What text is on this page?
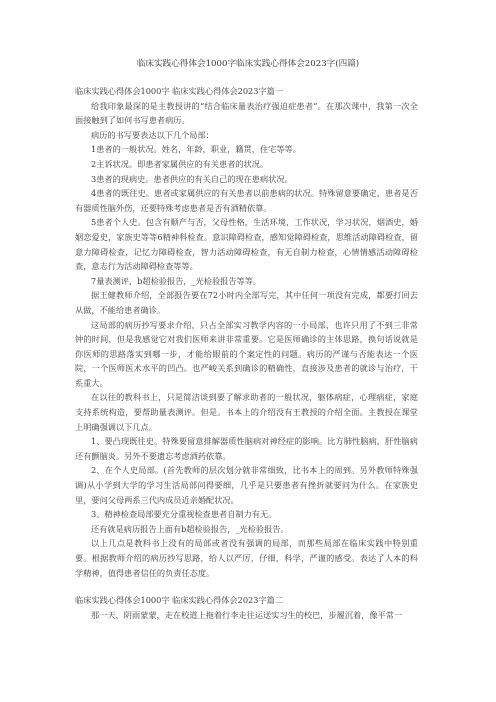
临床实践心得体会1000字临床实践心得体会2023字(四篇)

临床实践心得体会1000字 临床实践心得体会2023字篇一

给我印象最深的是主教授讲的“结合临床量表治疗强迫症患者”。在那次课中，我第一次全面接触到了如何书写患者病历。

病历的书写要表达以下几个局部：

1患者的一般状况。姓名，年龄，职业，籍贯，住宅等等。

2主诉状况。即患者家属供应的有关患者的状况。

3患者的现病史。患者供应的有关自己的现在患病状况。

4患者的既往史。患者或家属供应的有关患者以前患病的状况。特殊留意要确定，患者是否有器质性脑外伤，还要特殊考虑患者是否有酒精依靠。

5患者个人史。包含有顺产与否，父母性格，生活环境，工作状况，学习状况，烟酒史，婚姻恋爱史，家族史等等6精神科检查。意识障碍检查，感知觉障碍检查，思维活动障碍检查，留意力障碍检查，记忆力障碍检查，智力活动障碍检查，有无自制力检查，心情情感活动障碍检查，意志行为活动障碍检查等等。

7量表测评，b超检验报告，_光检验报告等等。

据王健教师介绍，全部报告要在72小时内全部写完，其中任何一项没有完成，都要打回去从做，不能给患者确诊。

这局部的病历抄写要求介绍，只占全部实习教学内容的一小局部，也许只用了不到三非常钟的时间，但是我感觉它对我们医师来讲非常重要。它是医师确诊的主体思路，换句话说就是你医师的思路落实到哪一步，才能给眼前的个案定性的问题。病历的严谨与否能表达一个医院，一个医师医术水平的凹凸。也严峻关系到确诊的精确性，直接涉及患者的就诊与治疗，干系重大。

在以往的教科书上，只是简洁谈到要了解求助者的一般状况，躯体病症，心理病症，家庭支持系统构造，要帮助量表测评。但是。书本上的介绍没有王教授的介绍全面。主教授在课堂上明确强调以下几点。

1、要凸现既往史。特殊要留意排解器质性脑病对神经症的影响。比方肺性脑病，肝性脑病还有颤脑炎。另外不要遗忘考虑酒药依靠。

2、在个人史局部。(首先教师的层次划分就非常细致，比书本上的周到。另外教师特殊强调)从小学到大学的学习生活局部问得要细，几乎是只要患者有挫折就要问为什么。在家族史里，要问父母两系三代内成员近亲婚配状况。

3、精神检查局部要充分重视检查患者自制力有无。

还有就是病历报告上面有b超检验报告，_光检验报告。

以上几点是教科书上没有的局部或者没有强调的局部，而那些局部在临床实践中特别重要。根据教师介绍的病历抄写思路，给人以严厉，仔细，科学，严谨的感受。表达了人本的科学精神，值得患者信任的负责任态度。

临床实践心得体会1000字 临床实践心得体会2023字篇二

那一天，阴雨蒙蒙，走在校道上拖着行李走往运送实习生的校巴，步履沉着，像平常一
